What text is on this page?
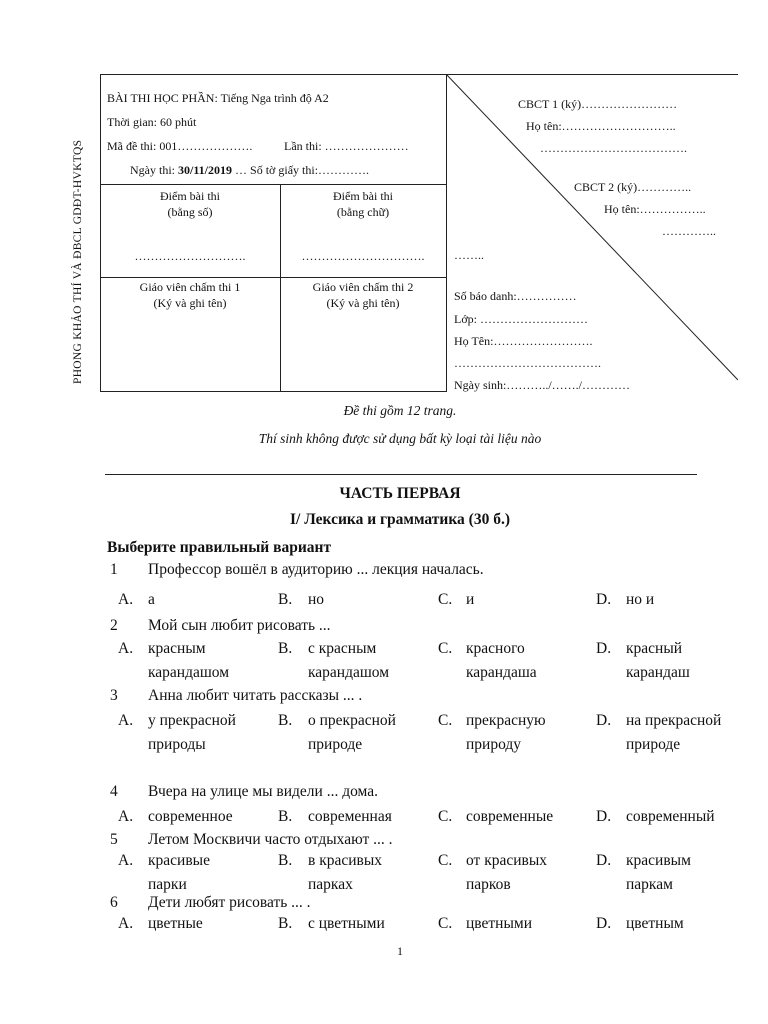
PHONG KHẢO THÍ VÀ ĐBCL GDĐT-HVKTQS
BÀI THI HỌC PHẦN: Tiếng Nga trình độ A2
Thời gian: 60 phút
Mã đề thi: 001……………….	Lần thi: …………………
Ngày thi: 30/11/2019 … Số tờ giấy thi:………….
Điểm bài thi
(bằng số)
……………………….
Điểm bài thi
(bằng chữ)
………………………….
Giáo viên chấm thi 1
(Ký và ghi tên)
Giáo viên chấm thi 2
(Ký và ghi tên)
CBCT 1 (ký)……………………
Họ tên:………………………..
……………………………….
CBCT 2 (ký)…………..
Họ tên:……………..
…………..
……..
Số báo danh:……………
Lớp: ………………………
Họ Tên:…………………….
……………………………….
Ngày sinh:………../……./…………
Đề thi gồm 12 trang.
Thí sinh không được sử dụng bất kỳ loại tài liệu nào
ЧАСТЬ ПЕРВАЯ
I/ Лексика и грамматика (30 б.)
Выберите правильный вариант
1 Профессор вошёл в аудиторию ... лекция началась.
A. а	B. но	C. и	D. но и
2 Мой сын любит рисовать ...
A. красным карандашом
B. с красным карандашом
C. красного карандаша
D. красный карандаш
3 Анна любит читать рассказы ... .
A. у прекрасной природы
B. о прекрасной природе
C. прекрасную природу
D. на прекрасной природе
4 Вчера на улице мы видели ... дома.
A. современное	B. современная	C. современные	D. современный
5 Летом Москвичи часто отдыхают ... .
A. красивые парки
B. в красивых парках
C. от красивых парков
D. красивым паркам
6 Дети любят рисовать ... .
A. цветные	B. с цветными	C. цветными	D. цветным
1
